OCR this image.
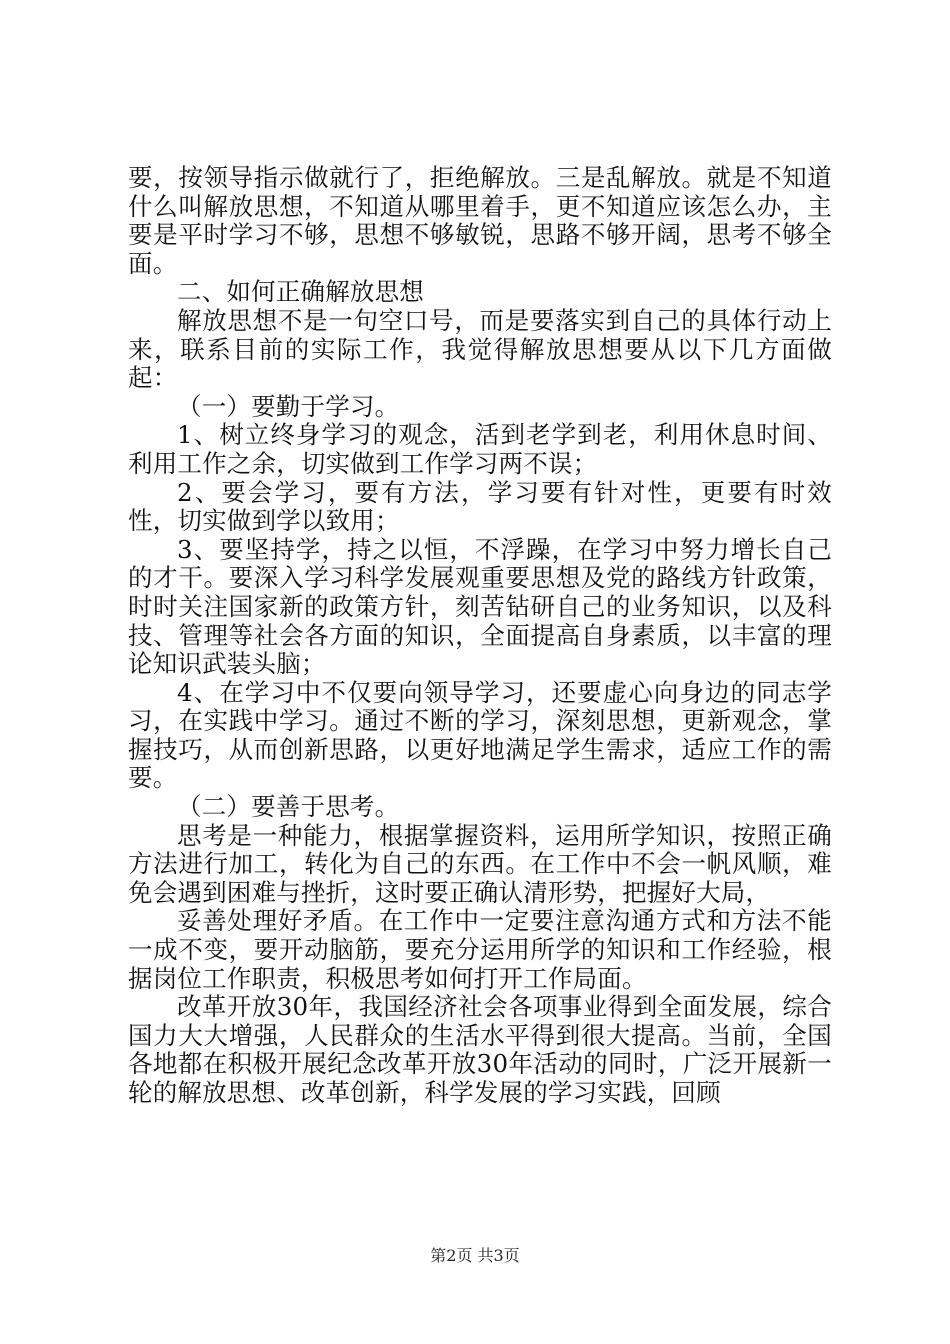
要，按领导指示做就行了，拒绝解放。三是乱解放。就是不知道什么叫解放思想，不知道从哪里着手，更不知道应该怎么办，主要是平时学习不够，思想不够敏锐，思路不够开阔，思考不够全面。

二、如何正确解放思想

解放思想不是一句空口号，而是要落实到自己的具体行动上来，联系目前的实际工作，我觉得解放思想要从以下几方面做起：

（一）要勤于学习。

1、树立终身学习的观念，活到老学到老，利用休息时间、利用工作之余，切实做到工作学习两不误；

2、要会学习，要有方法，学习要有针对性，更要有时效性，切实做到学以致用；

3、要坚持学，持之以恒，不浮躁，在学习中努力增长自己的才干。要深入学习科学发展观重要思想及党的路线方针政策，时时关注国家新的政策方针，刻苦钻研自己的业务知识，以及科技、管理等社会各方面的知识，全面提高自身素质，以丰富的理论知识武装头脑；

4、在学习中不仅要向领导学习，还要虚心向身边的同志学习，在实践中学习。通过不断的学习，深刻思想，更新观念，掌握技巧，从而创新思路，以更好地满足学生需求，适应工作的需要。

（二）要善于思考。

思考是一种能力，根据掌握资料，运用所学知识，按照正确方法进行加工，转化为自己的东西。在工作中不会一帆风顺，难免会遇到困难与挫折，这时要正确认清形势，把握好大局，

妥善处理好矛盾。在工作中一定要注意沟通方式和方法不能一成不变，要开动脑筋，要充分运用所学的知识和工作经验，根据岗位工作职责，积极思考如何打开工作局面。

改革开放30年，我国经济社会各项事业得到全面发展，综合国力大大增强，人民群众的生活水平得到很大提高。当前，全国各地都在积极开展纪念改革开放30年活动的同时，广泛开展新一轮的解放思想、改革创新，科学发展的学习实践，回顾

第2页 共3页
